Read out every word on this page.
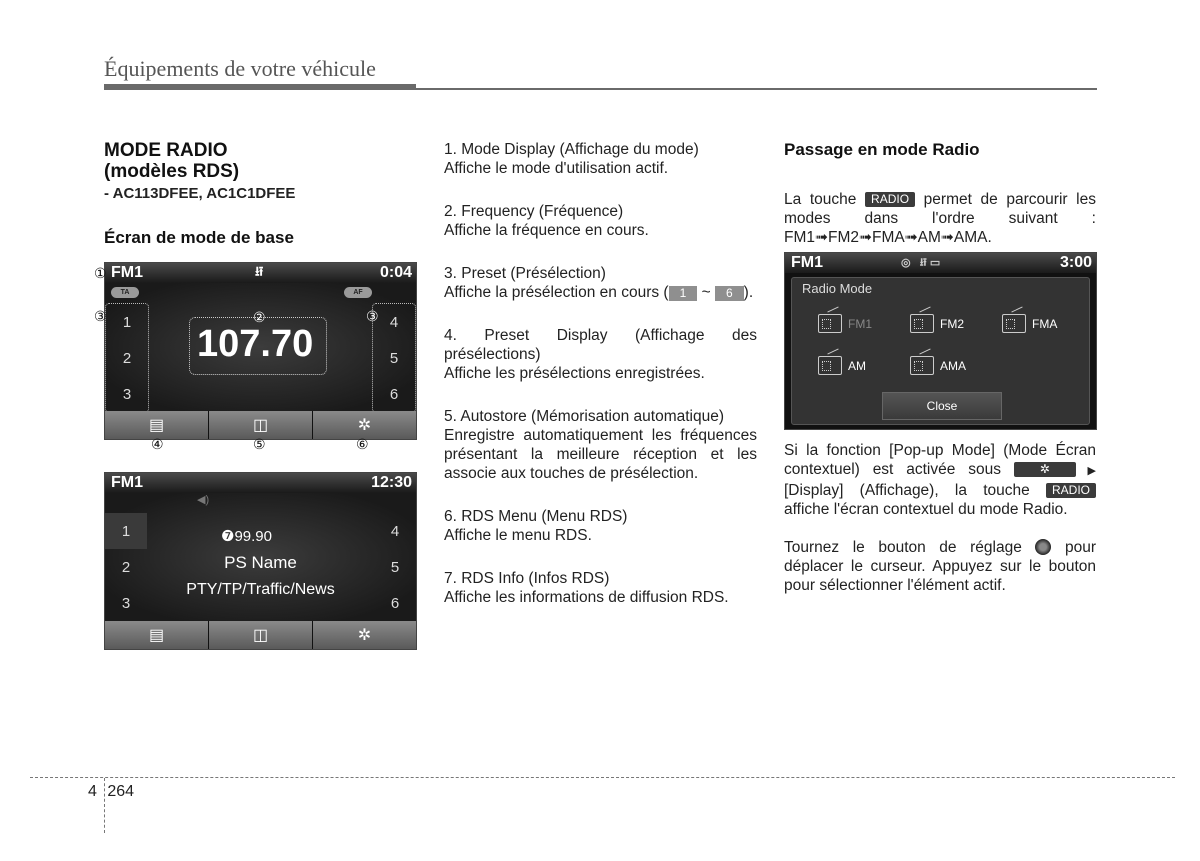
Équipements de votre véhicule
MODE RADIO
(modèles RDS)
- AC113DFEE, AC1C1DFEE
Écran de mode de base
FM1	⭿	0:04
TA	AF
1
2
3
4
5
6
107.70
▤	◫	✲
①
②
③	③
④	⑤	⑥
FM1	12:30
◀)
1
2
3
4
5
6
❼99.90
PS Name
PTY/TP/Traffic/News
▤	◫	✲
1. Mode Display (Affichage du mode)
Affiche le mode d'utilisation actif.
2. Frequency (Fréquence)
Affiche la fréquence en cours.
3. Preset (Présélection)
Affiche la présélection en cours ( 1 ~ 6 ).
4. Preset Display (Affichage des présélections)
Affiche les présélections enregistrées.
5. Autostore (Mémorisation automatique)
Enregistre automatiquement les fréquences présentant la meilleure réception et les associe aux touches de présélection.
6. RDS Menu (Menu RDS)
Affiche le menu RDS.
7. RDS Info (Infos RDS)
Affiche les informations de diffusion RDS.
Passage en mode Radio
La touche RADIO permet de parcourir les modes dans l'ordre suivant : FM1➟FM2➟FMA➟AM➟AMA.
FM1	◎   ⭿ ▭	3:00
Radio Mode
FM1	FM2	FMA
AM	AMA
Close
Si la fonction [Pop-up Mode] (Mode Écran contextuel) est activée sous	✲ ▶ [Display] (Affichage), la touche RADIO affiche l'écran contextuel du mode Radio.
Tournez le bouton de réglage	pour déplacer le curseur. Appuyez sur le bouton pour sélectionner l'élément actif.
4 264
